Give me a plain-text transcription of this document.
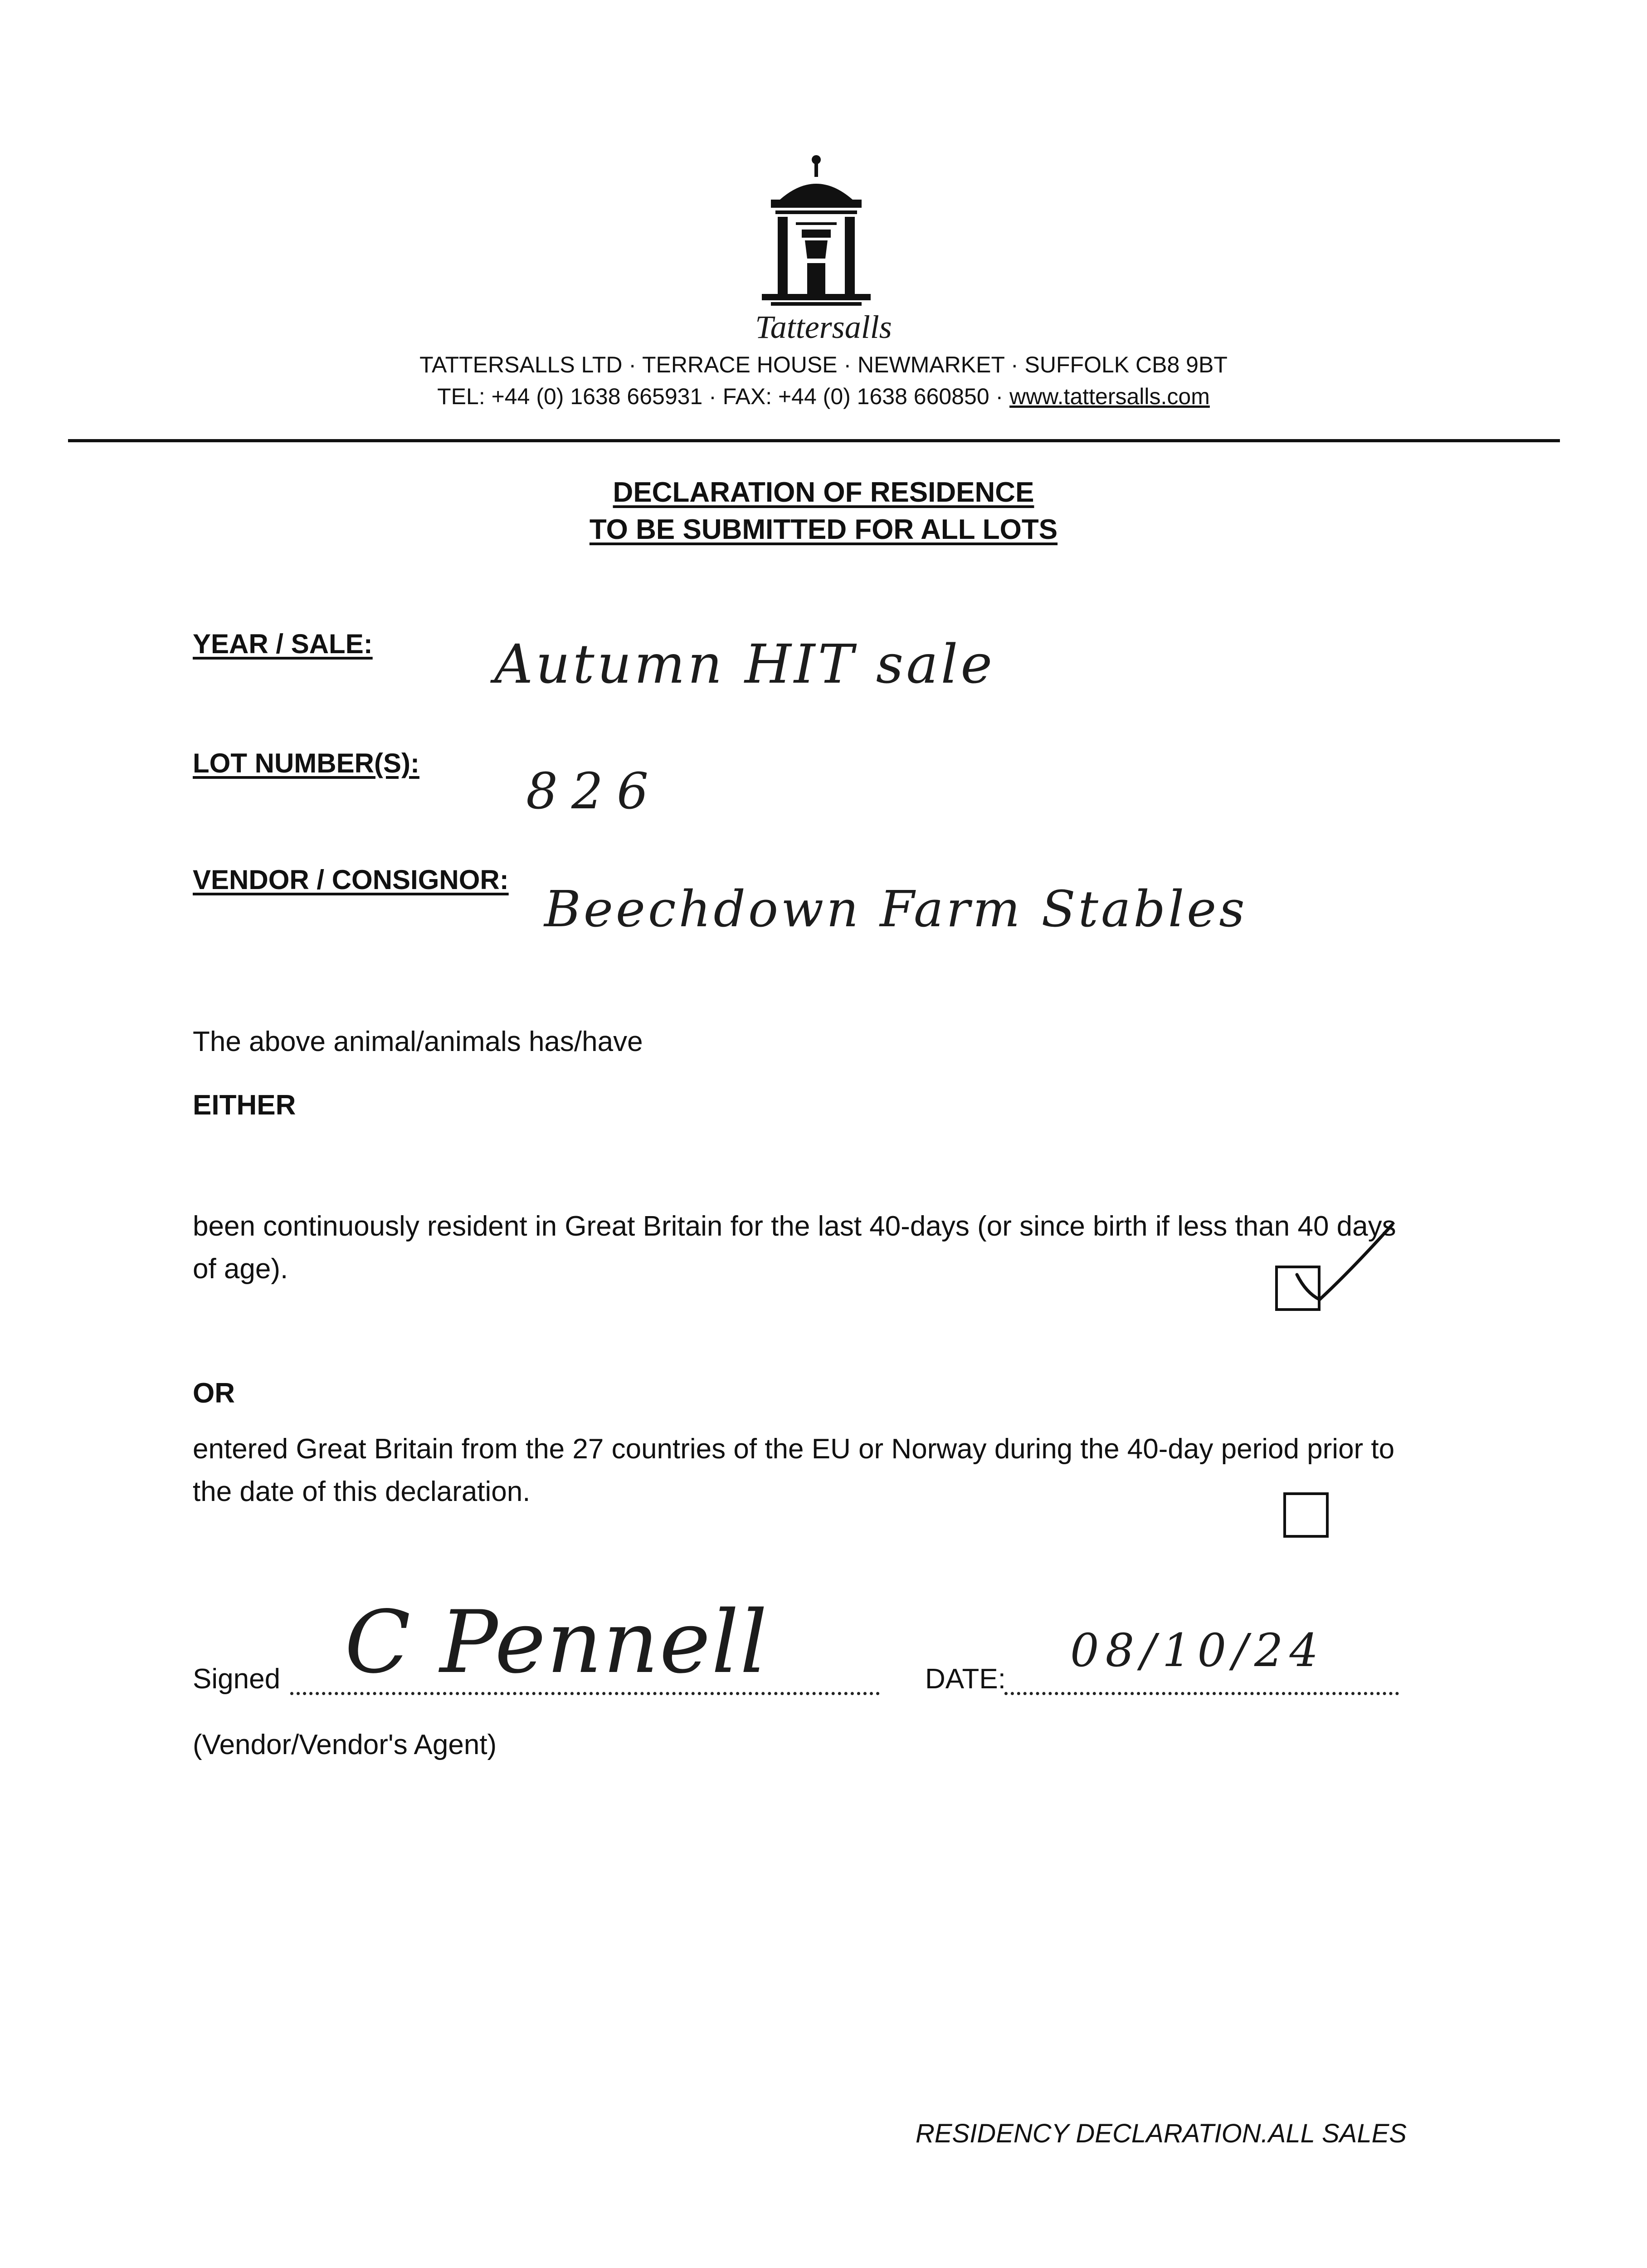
Tattersalls
TATTERSALLS LTD · TERRACE HOUSE · NEWMARKET · SUFFOLK CB8 9BT
TEL: +44 (0) 1638 665931 · FAX: +44 (0) 1638 660850 · www.tattersalls.com
DECLARATION OF RESIDENCE
TO BE SUBMITTED FOR ALL LOTS
YEAR / SALE: Autumn HIT sale
LOT NUMBER(S): 826
VENDOR / CONSIGNOR:
Beechdown Farm Stables
The above animal/animals has/have
EITHER
been continuously resident in Great Britain for the last 40-days (or since birth if less than 40 days of age).
OR
entered Great Britain from the 27 countries of the EU or Norway during the 40-day period prior to the date of this declaration.
Signed C Pennell	DATE:
08/10/24
(Vendor/Vendor's Agent)
RESIDENCY DECLARATION.ALL SALES
